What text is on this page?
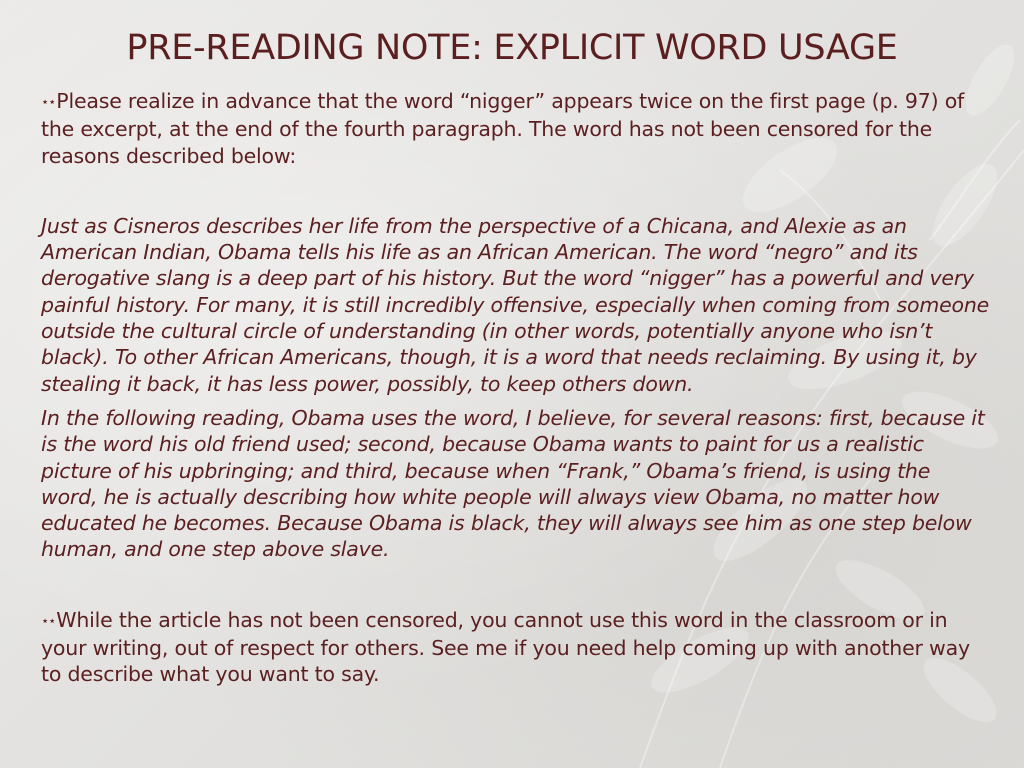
PRE-READING NOTE: EXPLICIT WORD USAGE

⋆⋆Please realize in advance that the word “nigger” appears twice on the first page (p. 97) of the excerpt, at the end of the fourth paragraph. The word has not been censored for the reasons described below:

Just as Cisneros describes her life from the perspective of a Chicana, and Alexie as an American Indian, Obama tells his life as an African American. The word “negro” and its derogative slang is a deep part of his history. But the word “nigger” has a powerful and very painful history. For many, it is still incredibly offensive, especially when coming from someone outside the cultural circle of understanding (in other words, potentially anyone who isn’t black). To other African Americans, though, it is a word that needs reclaiming. By using it, by stealing it back, it has less power, possibly, to keep others down.

In the following reading, Obama uses the word, I believe, for several reasons: first, because it is the word his old friend used; second, because Obama wants to paint for us a realistic picture of his upbringing; and third, because when “Frank,” Obama’s friend, is using the word, he is actually describing how white people will always view Obama, no matter how educated he becomes. Because Obama is black, they will always see him as one step below human, and one step above slave.

⋆⋆While the article has not been censored, you cannot use this word in the classroom or in your writing, out of respect for others. See me if you need help coming up with another way to describe what you want to say.
